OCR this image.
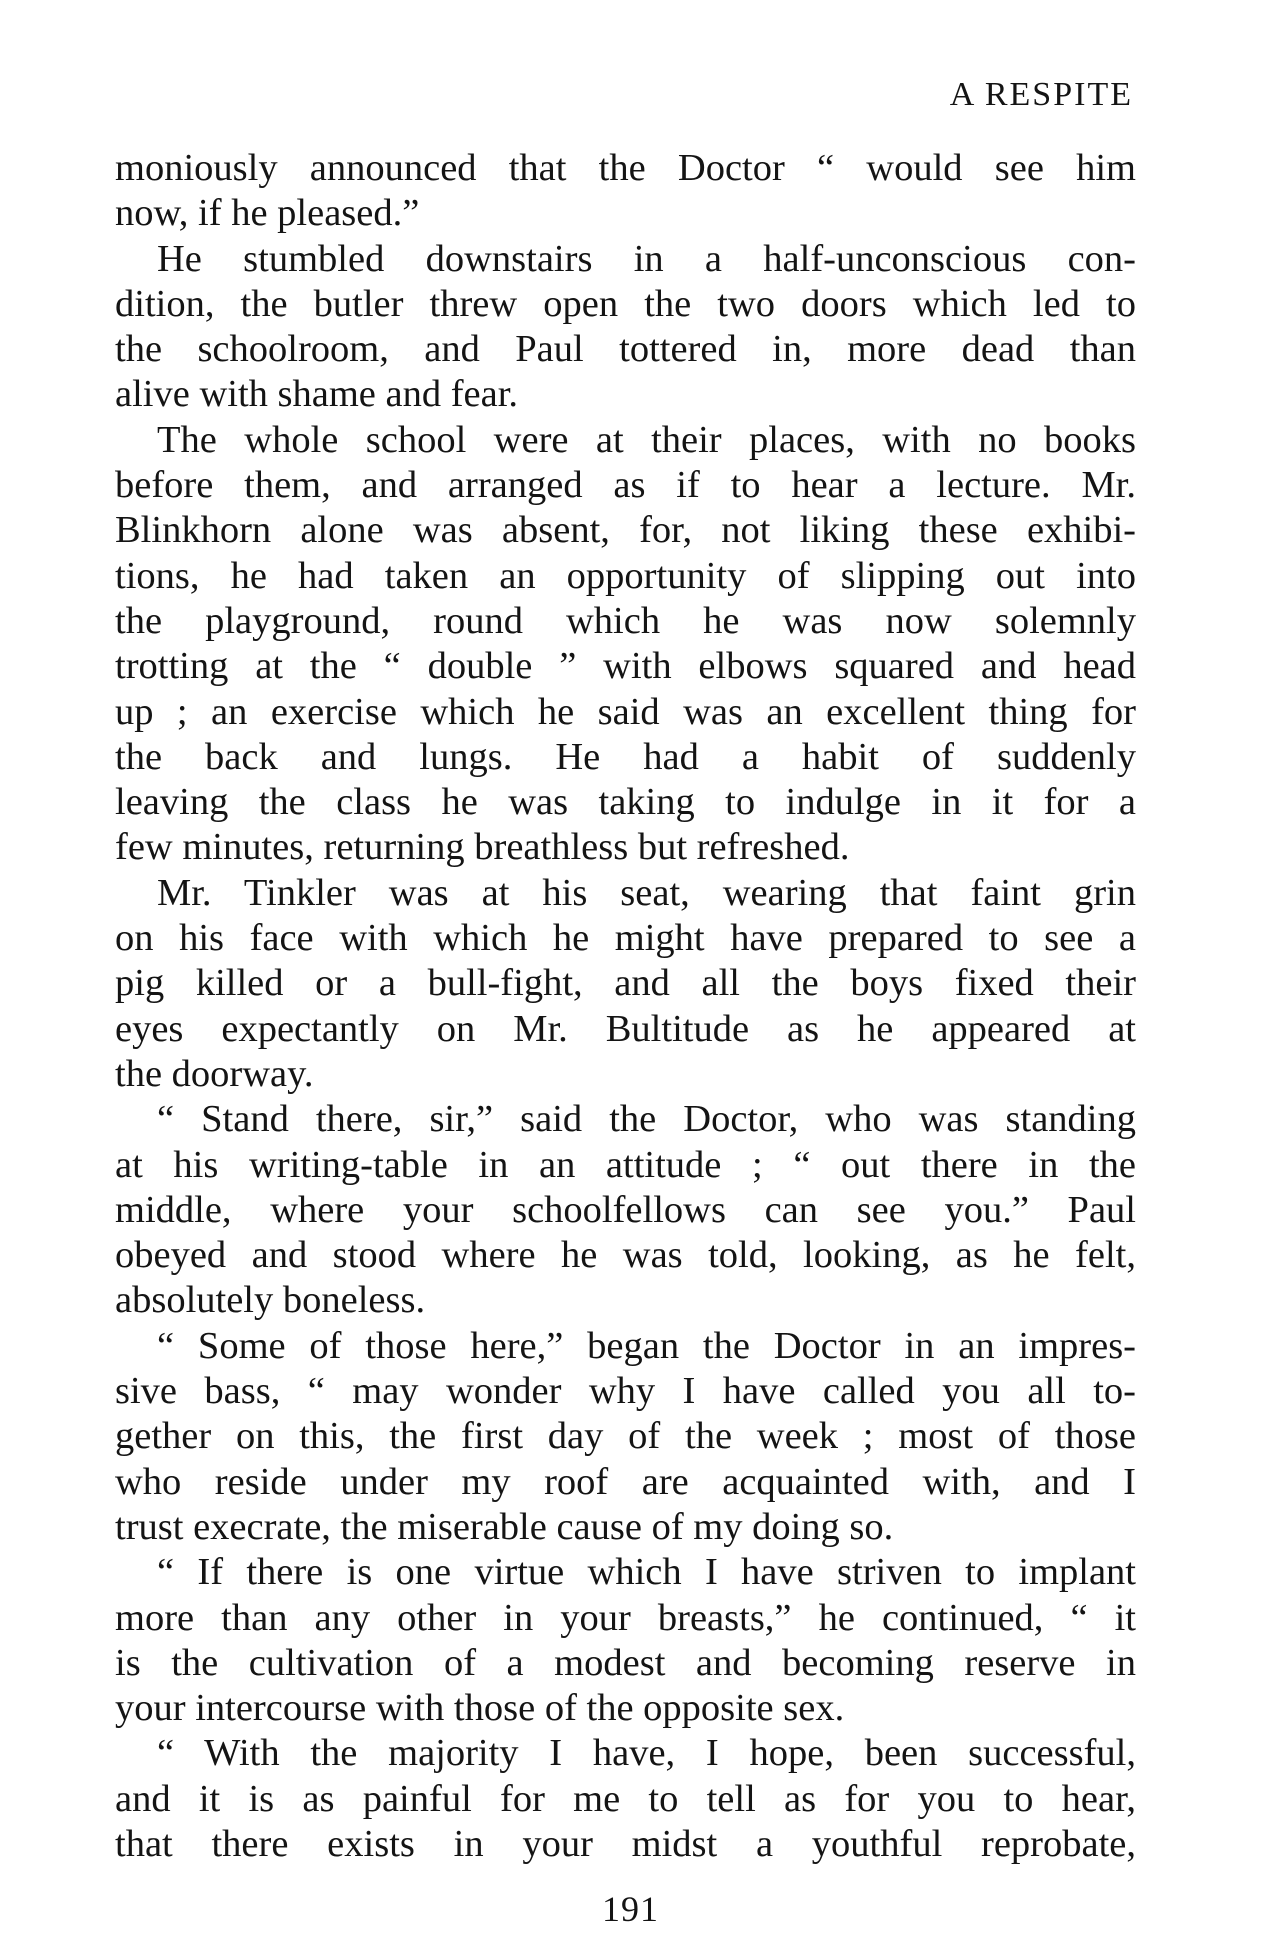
A RESPITE
moniously announced that the Doctor “ would see him
now, if he pleased.”
He stumbled downstairs in a half-unconscious con-
dition, the butler threw open the two doors which led to
the schoolroom, and Paul tottered in, more dead than
alive with shame and fear.
The whole school were at their places, with no books
before them, and arranged as if to hear a lecture. Mr.
Blinkhorn alone was absent, for, not liking these exhibi-
tions, he had taken an opportunity of slipping out into
the playground, round which he was now solemnly
trotting at the “ double ” with elbows squared and head
up ; an exercise which he said was an excellent thing for
the back and lungs. He had a habit of suddenly
leaving the class he was taking to indulge in it for a
few minutes, returning breathless but refreshed.
Mr. Tinkler was at his seat, wearing that faint grin
on his face with which he might have prepared to see a
pig killed or a bull-fight, and all the boys fixed their
eyes expectantly on Mr. Bultitude as he appeared at
the doorway.
“ Stand there, sir,” said the Doctor, who was standing
at his writing-table in an attitude ; “ out there in the
middle, where your schoolfellows can see you.” Paul
obeyed and stood where he was told, looking, as he felt,
absolutely boneless.
“ Some of those here,” began the Doctor in an impres-
sive bass, “ may wonder why I have called you all to-
gether on this, the first day of the week ; most of those
who reside under my roof are acquainted with, and I
trust execrate, the miserable cause of my doing so.
“ If there is one virtue which I have striven to implant
more than any other in your breasts,” he continued, “ it
is the cultivation of a modest and becoming reserve in
your intercourse with those of the opposite sex.
“ With the majority I have, I hope, been successful,
and it is as painful for me to tell as for you to hear,
that there exists in your midst a youthful reprobate,
191
